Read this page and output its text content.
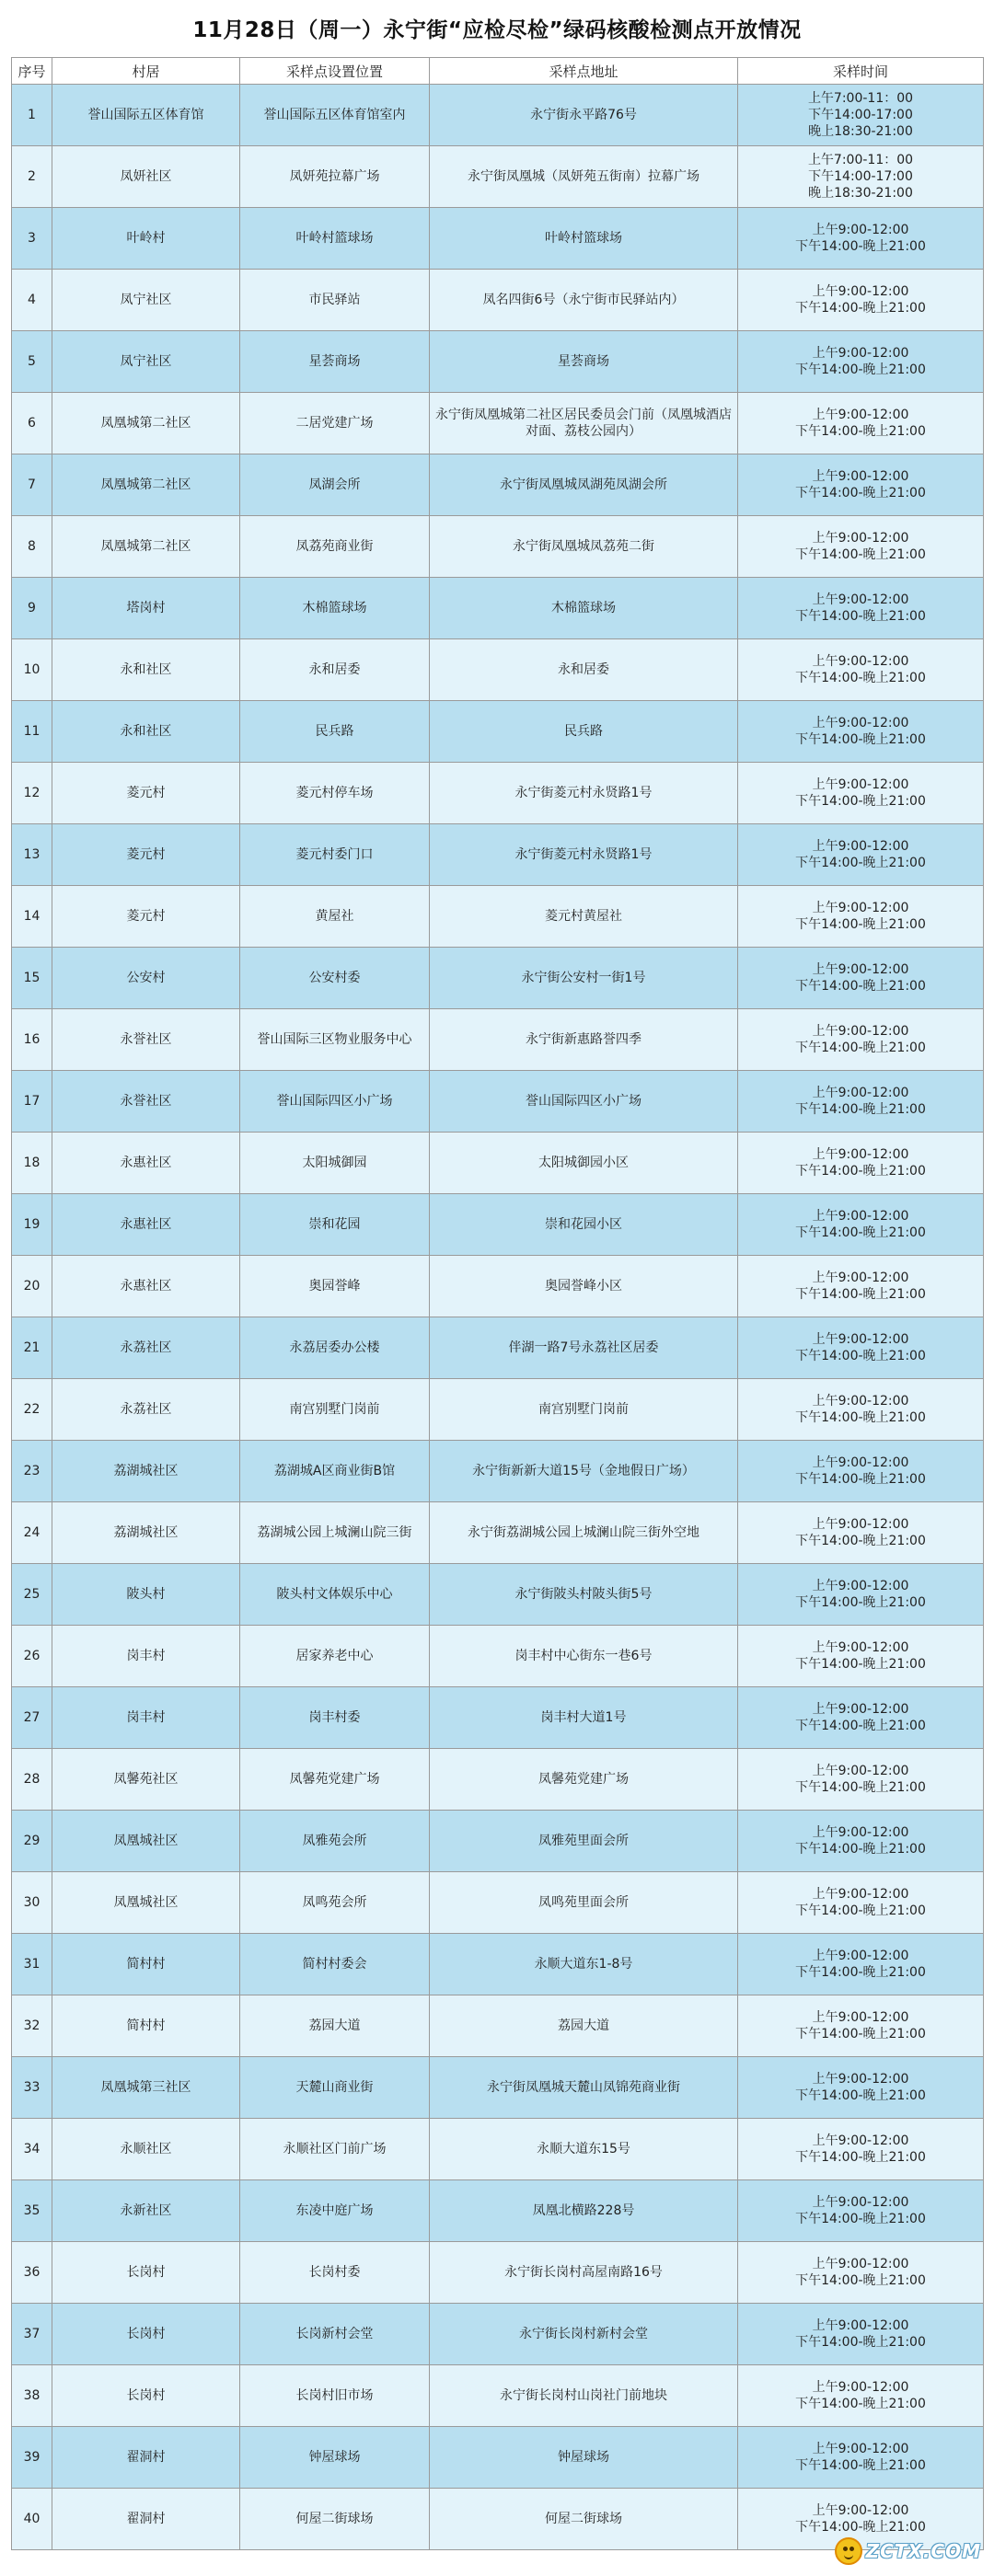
11月28日（周一）永宁街“应检尽检”绿码核酸检测点开放情况
序号	村居	采样点设置位置	采样点地址	采样时间
1	誉山国际五区体育馆	誉山国际五区体育馆室内	永宁街永平路76号	上午7:00-11：00
下午14:00-17:00
晚上18:30-21:00

2	凤妍社区	凤妍苑拉幕广场	永宁街凤凰城（凤妍苑五街南）拉幕广场	上午7:00-11：00
下午14:00-17:00
晚上18:30-21:00

3	叶岭村	叶岭村篮球场	叶岭村篮球场	上午9:00-12:00
下午14:00-晚上21:00

4	凤宁社区	市民驿站	凤名四街6号（永宁街市民驿站内）	上午9:00-12:00
下午14:00-晚上21:00

5	凤宁社区	星荟商场	星荟商场	上午9:00-12:00
下午14:00-晚上21:00

6	凤凰城第二社区	二居党建广场	永宁街凤凰城第二社区居民委员会门前（凤凰城酒店对面、荔枝公园内）	上午9:00-12:00
下午14:00-晚上21:00

7	凤凰城第二社区	凤湖会所	永宁街凤凰城凤湖苑凤湖会所	上午9:00-12:00
下午14:00-晚上21:00

8	凤凰城第二社区	凤荔苑商业街	永宁街凤凰城凤荔苑二街	上午9:00-12:00
下午14:00-晚上21:00

9	塔岗村	木棉篮球场	木棉篮球场	上午9:00-12:00
下午14:00-晚上21:00

10	永和社区	永和居委	永和居委	上午9:00-12:00
下午14:00-晚上21:00

11	永和社区	民兵路	民兵路	上午9:00-12:00
下午14:00-晚上21:00

12	菱元村	菱元村停车场	永宁街菱元村永贤路1号	上午9:00-12:00
下午14:00-晚上21:00

13	菱元村	菱元村委门口	永宁街菱元村永贤路1号	上午9:00-12:00
下午14:00-晚上21:00

14	菱元村	黄屋社	菱元村黄屋社	上午9:00-12:00
下午14:00-晚上21:00

15	公安村	公安村委	永宁街公安村一街1号	上午9:00-12:00
下午14:00-晚上21:00

16	永誉社区	誉山国际三区物业服务中心	永宁街新惠路誉四季	上午9:00-12:00
下午14:00-晚上21:00

17	永誉社区	誉山国际四区小广场	誉山国际四区小广场	上午9:00-12:00
下午14:00-晚上21:00

18	永惠社区	太阳城御园	太阳城御园小区	上午9:00-12:00
下午14:00-晚上21:00

19	永惠社区	崇和花园	崇和花园小区	上午9:00-12:00
下午14:00-晚上21:00

20	永惠社区	奥园誉峰	奥园誉峰小区	上午9:00-12:00
下午14:00-晚上21:00

21	永荔社区	永荔居委办公楼	伴湖一路7号永荔社区居委	上午9:00-12:00
下午14:00-晚上21:00

22	永荔社区	南宫别墅门岗前	南宫别墅门岗前	上午9:00-12:00
下午14:00-晚上21:00

23	荔湖城社区	荔湖城A区商业街B馆	永宁街新新大道15号（金地假日广场）	上午9:00-12:00
下午14:00-晚上21:00

24	荔湖城社区	荔湖城公园上城澜山院三街	永宁街荔湖城公园上城澜山院三街外空地	上午9:00-12:00
下午14:00-晚上21:00

25	陂头村	陂头村文体娱乐中心	永宁街陂头村陂头街5号	上午9:00-12:00
下午14:00-晚上21:00

26	岗丰村	居家养老中心	岗丰村中心街东一巷6号	上午9:00-12:00
下午14:00-晚上21:00

27	岗丰村	岗丰村委	岗丰村大道1号	上午9:00-12:00
下午14:00-晚上21:00

28	凤馨苑社区	凤馨苑党建广场	凤馨苑党建广场	上午9:00-12:00
下午14:00-晚上21:00

29	凤凰城社区	凤雅苑会所	凤雅苑里面会所	上午9:00-12:00
下午14:00-晚上21:00

30	凤凰城社区	凤鸣苑会所	凤鸣苑里面会所	上午9:00-12:00
下午14:00-晚上21:00

31	简村村	简村村委会	永顺大道东1-8号	上午9:00-12:00
下午14:00-晚上21:00

32	简村村	荔园大道	荔园大道	上午9:00-12:00
下午14:00-晚上21:00

33	凤凰城第三社区	天麓山商业街	永宁街凤凰城天麓山凤锦苑商业街	上午9:00-12:00
下午14:00-晚上21:00

34	永顺社区	永顺社区门前广场	永顺大道东15号	上午9:00-12:00
下午14:00-晚上21:00

35	永新社区	东凌中庭广场	凤凰北横路228号	上午9:00-12:00
下午14:00-晚上21:00

36	长岗村	长岗村委	永宁街长岗村高屋南路16号	上午9:00-12:00
下午14:00-晚上21:00

37	长岗村	长岗新村会堂	永宁街长岗村新村会堂	上午9:00-12:00
下午14:00-晚上21:00

38	长岗村	长岗村旧市场	永宁街长岗村山岗社门前地块	上午9:00-12:00
下午14:00-晚上21:00

39	翟洞村	钟屋球场	钟屋球场	上午9:00-12:00
下午14:00-晚上21:00

40	翟洞村	何屋二街球场	何屋二街球场	上午9:00-12:00
下午14:00-晚上21:00
ZCTX.COM
